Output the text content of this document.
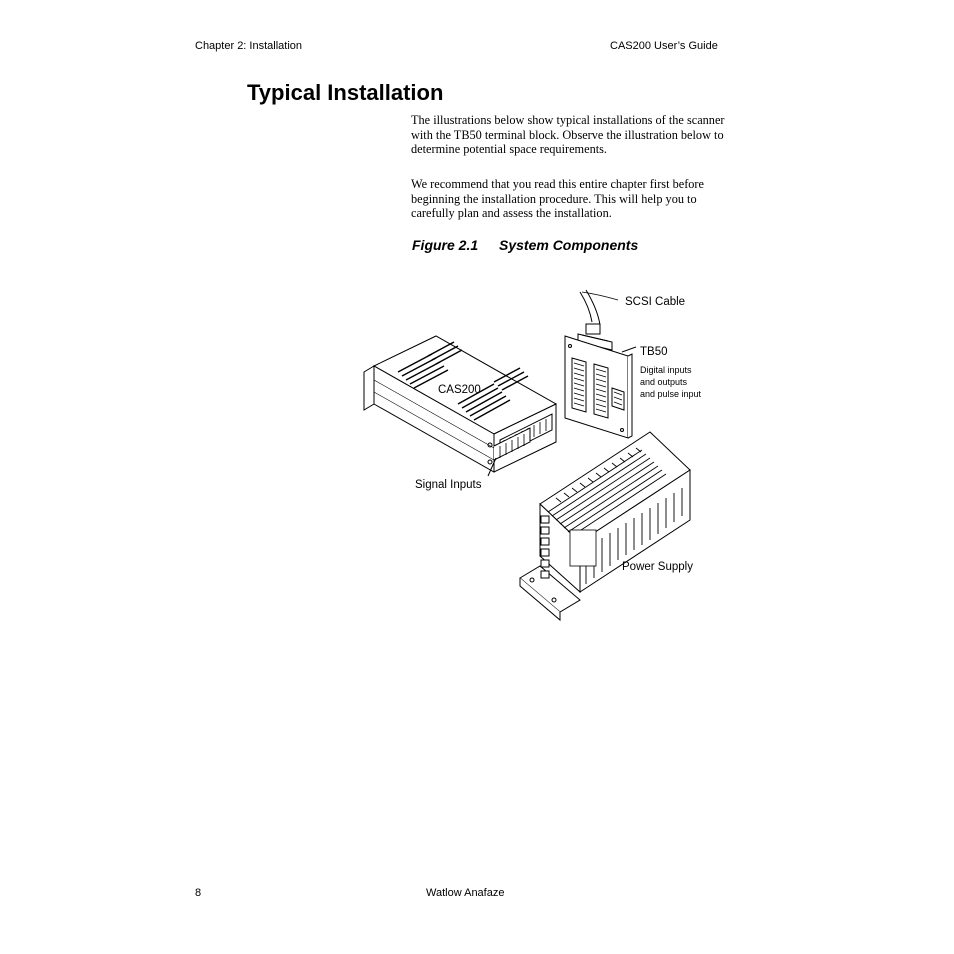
Chapter 2: Installation	CAS200 User’s Guide
Typical Installation

The illustrations below show typical installations of the scanner with the TB50 terminal block. Observe the illustration below to determine potential space requirements.

We recommend that you read this entire chapter first before beginning the installation procedure. This will help you to carefully plan and assess the installation.

Figure 2.1 System Components
SCSI Cable
TB50
Digital inputs
and outputs
and pulse input
CAS200
Signal Inputs
Power Supply
8	Watlow Anafaze
